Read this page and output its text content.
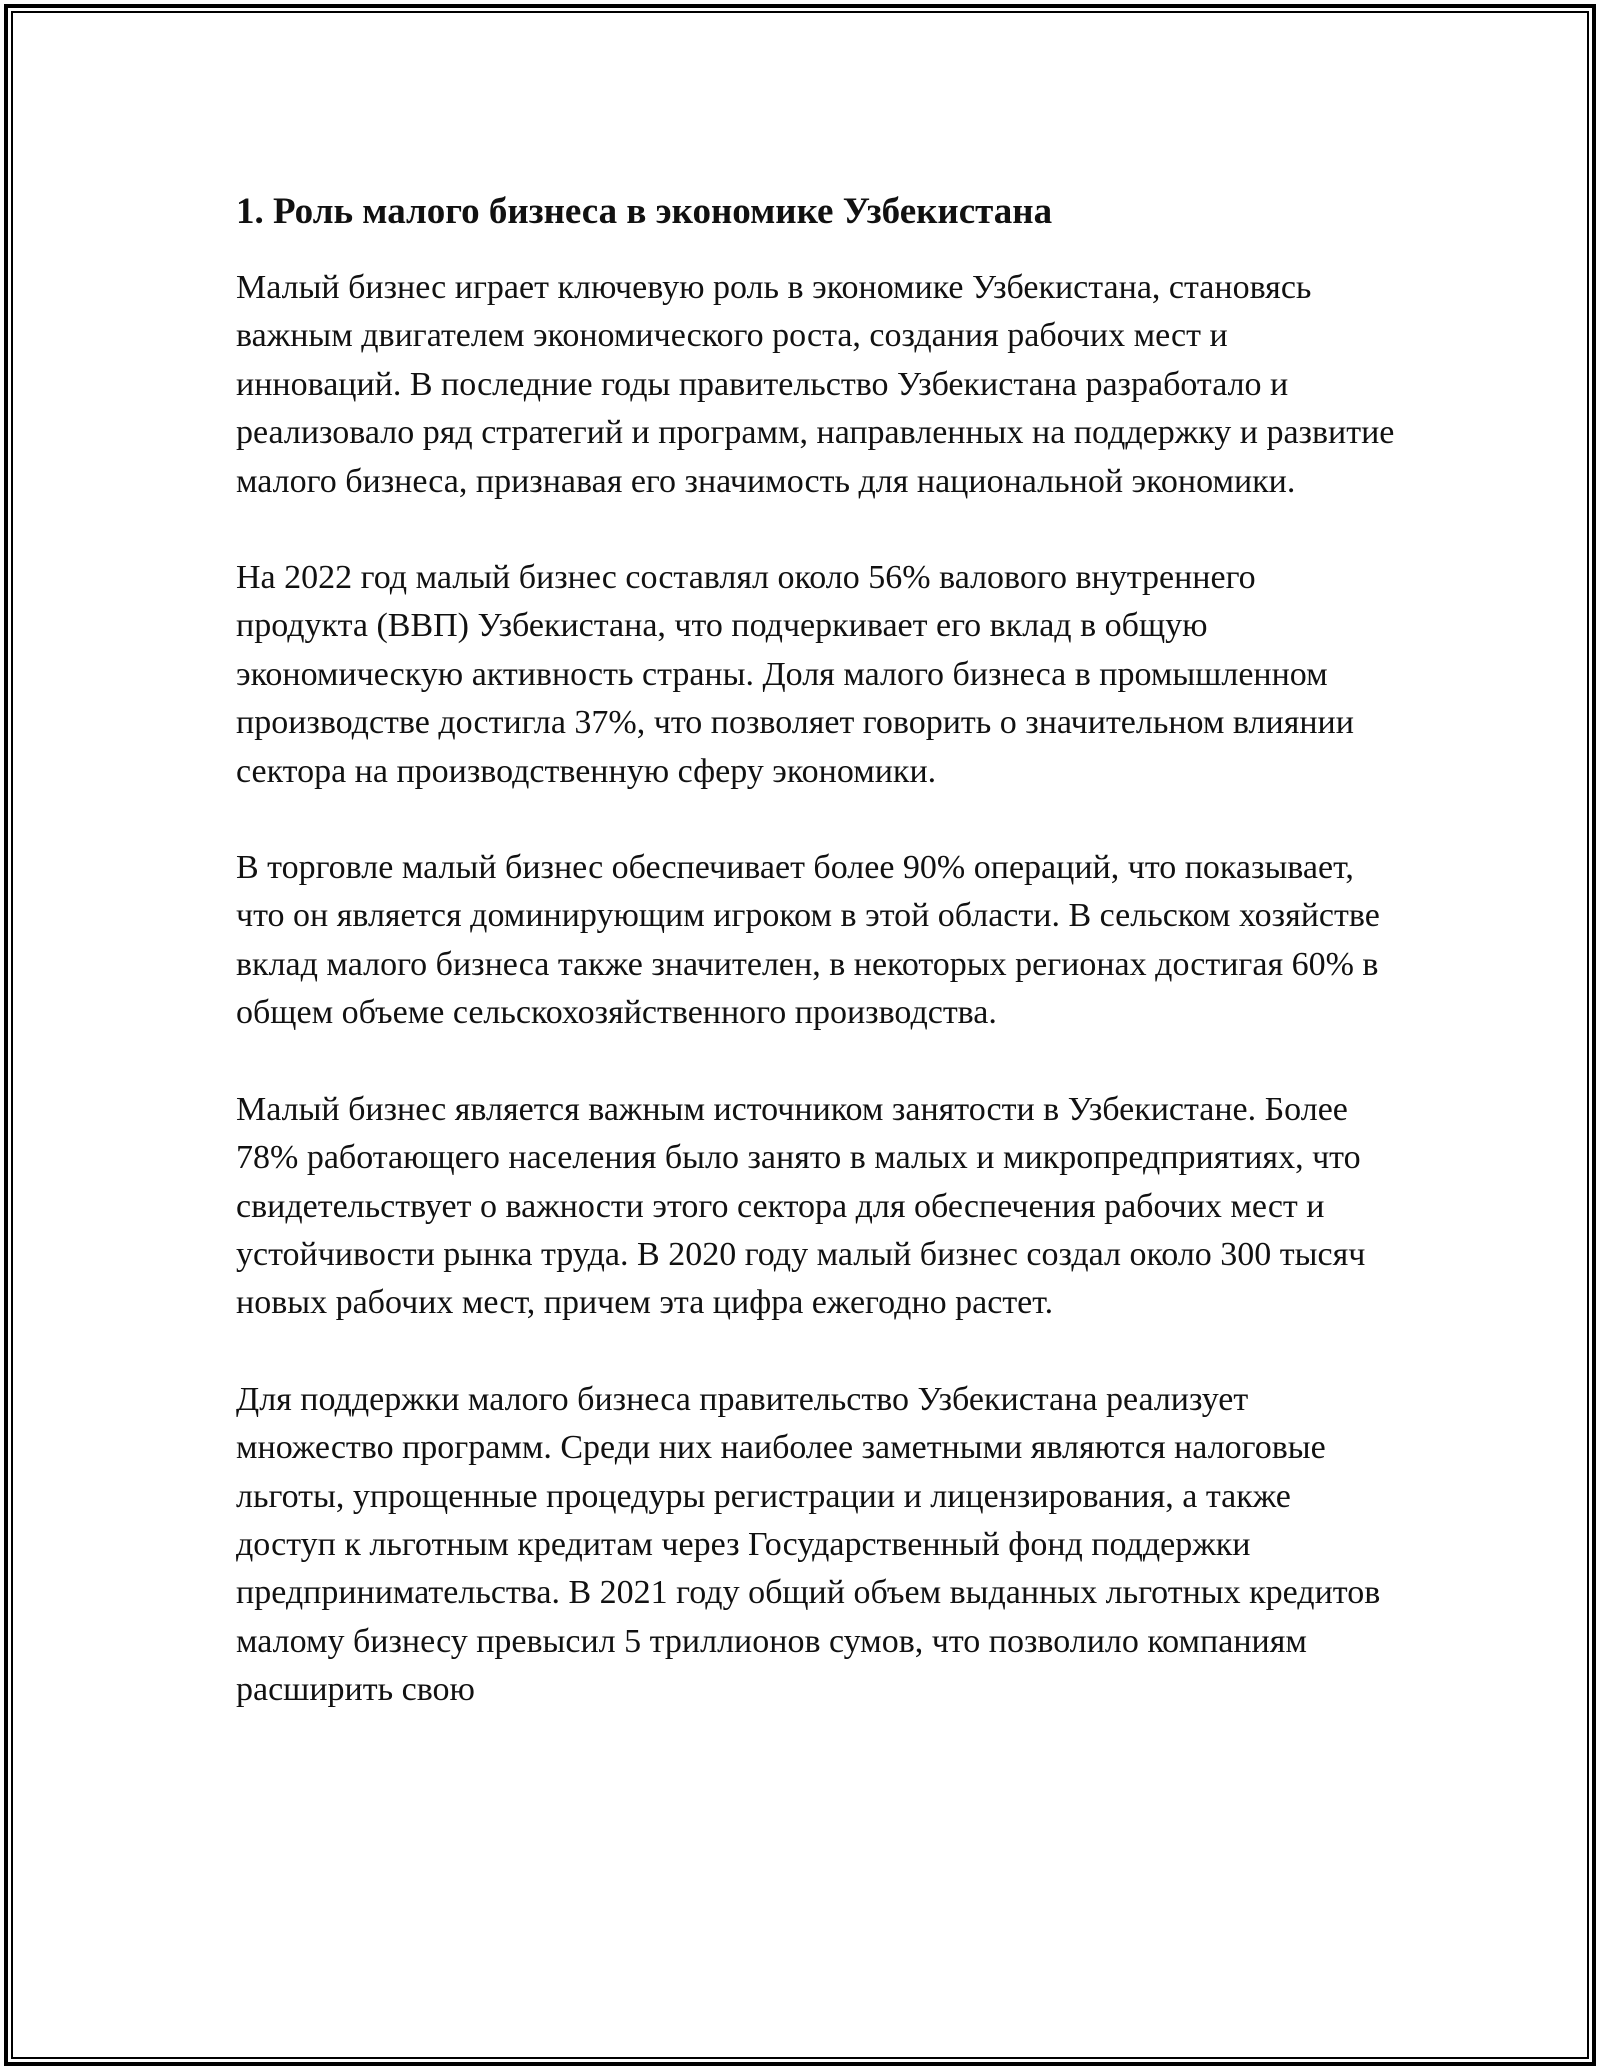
1. Роль малого бизнеса в экономике Узбекистана

Малый бизнес играет ключевую роль в экономике Узбекистана, становясь важным двигателем экономического роста, создания рабочих мест и инноваций. В последние годы правительство Узбекистана разработало и реализовало ряд стратегий и программ, направленных на поддержку и развитие малого бизнеса, признавая его значимость для национальной экономики.

На 2022 год малый бизнес составлял около 56% валового внутреннего продукта (ВВП) Узбекистана, что подчеркивает его вклад в общую экономическую активность страны. Доля малого бизнеса в промышленном производстве достигла 37%, что позволяет говорить о значительном влиянии сектора на производственную сферу экономики.

В торговле малый бизнес обеспечивает более 90% операций, что показывает, что он является доминирующим игроком в этой области. В сельском хозяйстве вклад малого бизнеса также значителен, в некоторых регионах достигая 60% в общем объеме сельскохозяйственного производства.

Малый бизнес является важным источником занятости в Узбекистане. Более 78% работающего населения было занято в малых и микропредприятиях, что свидетельствует о важности этого сектора для обеспечения рабочих мест и устойчивости рынка труда. В 2020 году малый бизнес создал около 300 тысяч новых рабочих мест, причем эта цифра ежегодно растет.

Для поддержки малого бизнеса правительство Узбекистана реализует множество программ. Среди них наиболее заметными являются налоговые льготы, упрощенные процедуры регистрации и лицензирования, а также доступ к льготным кредитам через Государственный фонд поддержки предпринимательства. В 2021 году общий объем выданных льготных кредитов малому бизнесу превысил 5 триллионов сумов, что позволило компаниям расширить свою
